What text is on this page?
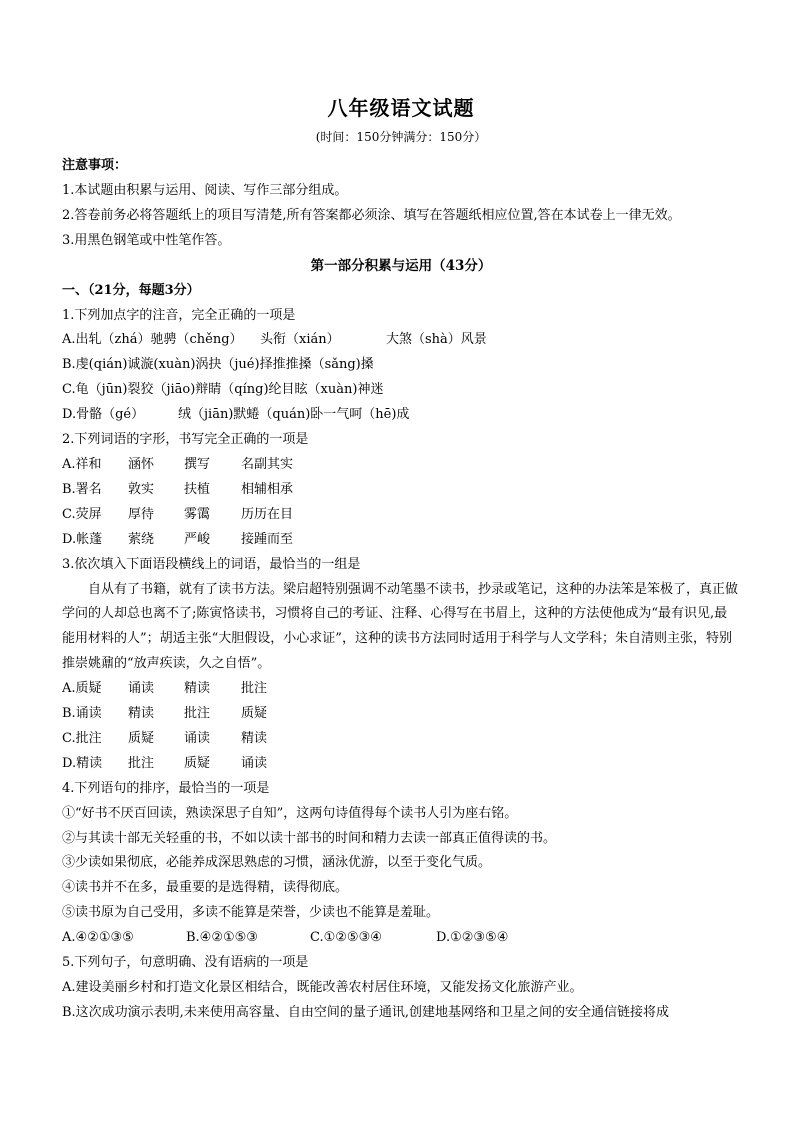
八年级语文试题
(时间：150分钟满分：150分）
注意事项：
1.本试题由积累与运用、阅读、写作三部分组成。
2.答卷前务必将答题纸上的项目写清楚,所有答案都必须涂、填写在答题纸相应位置,答在本试卷上一律无效。
3.用黑色钢笔或中性笔作答。
第一部分积累与运用（43分）
一、（21分，每题3分）
1.下列加点字的注音，完全正确的一项是
A.出轧（zhá）驰骋（chěng） 头衔（xián）	大煞（shà）风景
B.虔(qián)诚漩(xuàn)涡抉（jué)择推推搡（sǎng)搡
C.龟（jūn)裂狡（jiāo)辩睛（qíng)纶目眩（xuàn)神迷
D.骨骼（gé）	绒（jiān)默蜷（quán)卧一气呵（hē)成
2.下列词语的字形，书写完全正确的一项是
A.祥和 涵怀 撰写 名副其实
B.署名 敦实 扶植 相辅相承
C.荧屏 厚待 雾霭 历历在目
D.帐蓬 萦绕 严峻 接踵而至
3.依次填入下面语段横线上的词语，最恰当的一组是

自从有了书籍，就有了读书方法。梁启超特别强调不动笔墨不读书，抄录或笔记，这种的办法笨是笨极了，真正做学问的人却总也离不了;陈寅恪读书，习惯将自己的考证、注释、心得写在书眉上，这种的方法使他成为“最有识见,最能用材料的人”；胡适主张“大胆假设，小心求证”，这种的读书方法同时适用于科学与人文学科；朱自清则主张，特别推崇姚鼐的“放声疾读，久之自悟”。

A.质疑 诵读 精读 批注
B.诵读 精读 批注 质疑
C.批注 质疑 诵读 精读
D.精读 批注 质疑 诵读
4.下列语句的排序，最恰当的一项是
①“好书不厌百回读，熟读深思子自知”，这两句诗值得每个读书人引为座右铭。
②与其读十部无关轻重的书，不如以读十部书的时间和精力去读一部真正值得读的书。
③少读如果彻底，必能养成深思熟虑的习惯，涵泳优游，以至于变化气质。
④读书并不在多，最重要的是选得精，读得彻底。
⑤读书原为自己受用，多读不能算是荣誉，少读也不能算是羞耻。
A.④②①③⑤	B.④②①⑤③	C.①②⑤③④	D.①②③⑤④
5.下列句子，句意明确、没有语病的一项是
A.建设美丽乡村和打造文化景区相结合，既能改善农村居住环境，又能发扬文化旅游产业。
B.这次成功演示表明,未来使用高容量、自由空间的量子通讯,创建地基网络和卫星之间的安全通信链接将成
